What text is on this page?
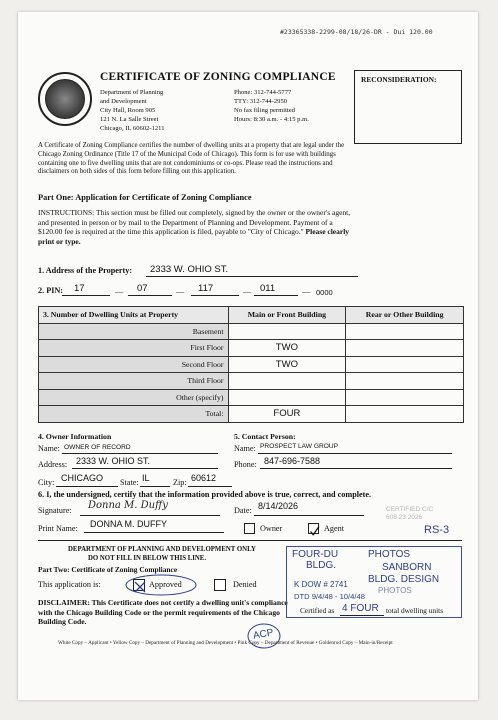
#23365338-2299-08/18/26-DR - Dui 120.00
CERTIFICATE OF ZONING COMPLIANCE	RECONSIDERATION:
Department of Planning
and Development
City Hall, Room 905
121 N. La Salle Street
Chicago, IL 60602-1211
Phone: 312-744-5777
TTY: 312-744-2950
No fax filing permitted
Hours: 8:30 a.m. - 4:15 p.m.
A Certificate of Zoning Compliance certifies the number of dwelling units at a property that are legal under the Chicago Zoning Ordinance (Title 17 of the Municipal Code of Chicago). This form is for use with buildings containing one to five dwelling units that are not condominiums or co-ops. Please read the instructions and disclaimers on both sides of this form before filling out this application.
Part One: Application for Certificate of Zoning Compliance
INSTRUCTIONS: This section must be filled out completely, signed by the owner or the owner's agent, and presented in person or by mail to the Department of Planning and Development. Payment of a $120.00 fee is required at the time this application is filed, payable to "City of Chicago." Please clearly print or type.
1. Address of the Property: 2333 W. OHIO ST.
2. PIN: 17	— 07	— 117	— 011	— 0000
3. Number of Dwelling Units at Property	Main or Front Building	Rear or Other Building
Basement		
First Floor	TWO	
Second Floor	TWO	
Third Floor		
Other (specify)		
Total:	FOUR	
4. Owner Information
Name: OWNER OF RECORD
Address: 2333 W. OHIO ST.
City: CHICAGO State: IL	Zip: 60612
5. Contact Person:
Name: PROSPECT LAW GROUP
Phone: 847-696-7588
6. I, the undersigned, certify that the information provided above is true, correct, and complete.
Signature: Donna M. Duffy	Date: 8/14/2026
Print Name: DONNA M. DUFFY	Owner	Agent
CERTIFIED C/C
608 23 2026
RS-3
DEPARTMENT OF PLANNING AND DEVELOPMENT ONLY
DO NOT FILL IN BELOW THIS LINE.
Part Two: Certificate of Zoning Compliance
This application is:	Approved	Denied
DISCLAIMER: This Certificate does not certify a dwelling unit's compliance with the Chicago Building Code or the permit requirements of the Chicago Building Code.
FOUR-DU
BLDG.
PHOTOS
SANBORN
BLDG. DESIGN
PHOTOS
K DOW # 2741
DTD 9/4/48 - 10/4/48
Certified as 4 FOUR total dwelling units
ACP
White Copy – Applicant • Yellow Copy – Department of Planning and Development • Pink Copy – Department of Revenue • Goldenrod Copy – Main-in/Receipt
